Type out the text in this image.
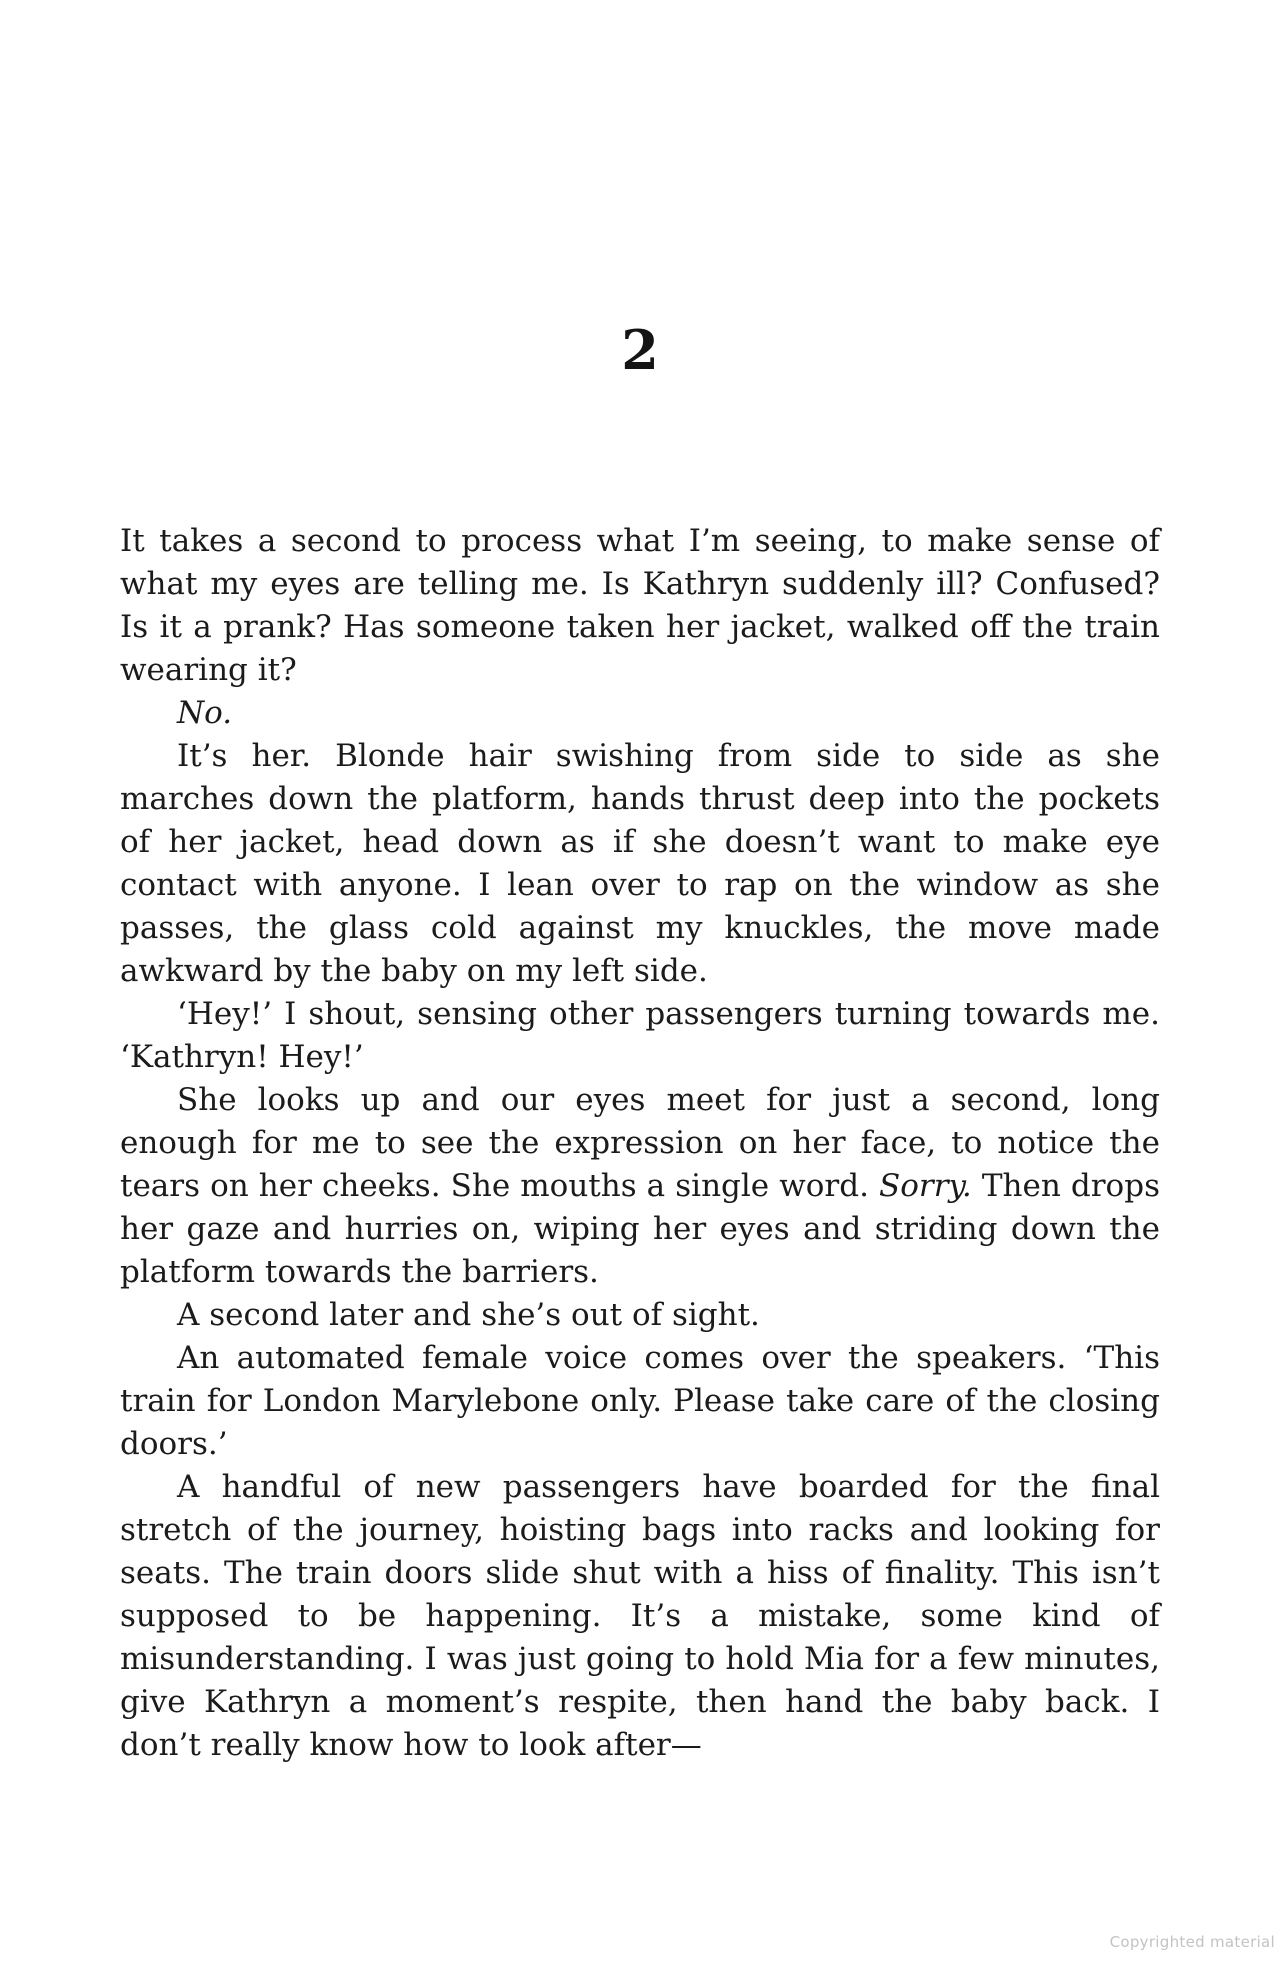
2

It takes a second to process what I’m seeing, to make sense of what my eyes are telling me. Is Kathryn suddenly ill? Confused? Is it a prank? Has someone taken her jacket, walked off the train wearing it?

No.

It’s her. Blonde hair swishing from side to side as she marches down the platform, hands thrust deep into the pockets of her jacket, head down as if she doesn’t want to make eye contact with anyone. I lean over to rap on the window as she passes, the glass cold against my knuckles, the move made awkward by the baby on my left side.

‘Hey!’ I shout, sensing other passengers turning towards me. ‘Kathryn! Hey!’

She looks up and our eyes meet for just a second, long enough for me to see the expression on her face, to notice the tears on her cheeks. She mouths a single word. Sorry. Then drops her gaze and hurries on, wiping her eyes and striding down the platform towards the barriers.

A second later and she’s out of sight.

An automated female voice comes over the speakers. ‘This train for London Marylebone only. Please take care of the closing doors.’

A handful of new passengers have boarded for the final stretch of the journey, hoisting bags into racks and looking for seats. The train doors slide shut with a hiss of finality. This isn’t supposed to be happening. It’s a mistake, some kind of misunderstanding. I was just going to hold Mia for a few minutes, give Kathryn a moment’s respite, then hand the baby back. I don’t really know how to look after—

Copyrighted material
